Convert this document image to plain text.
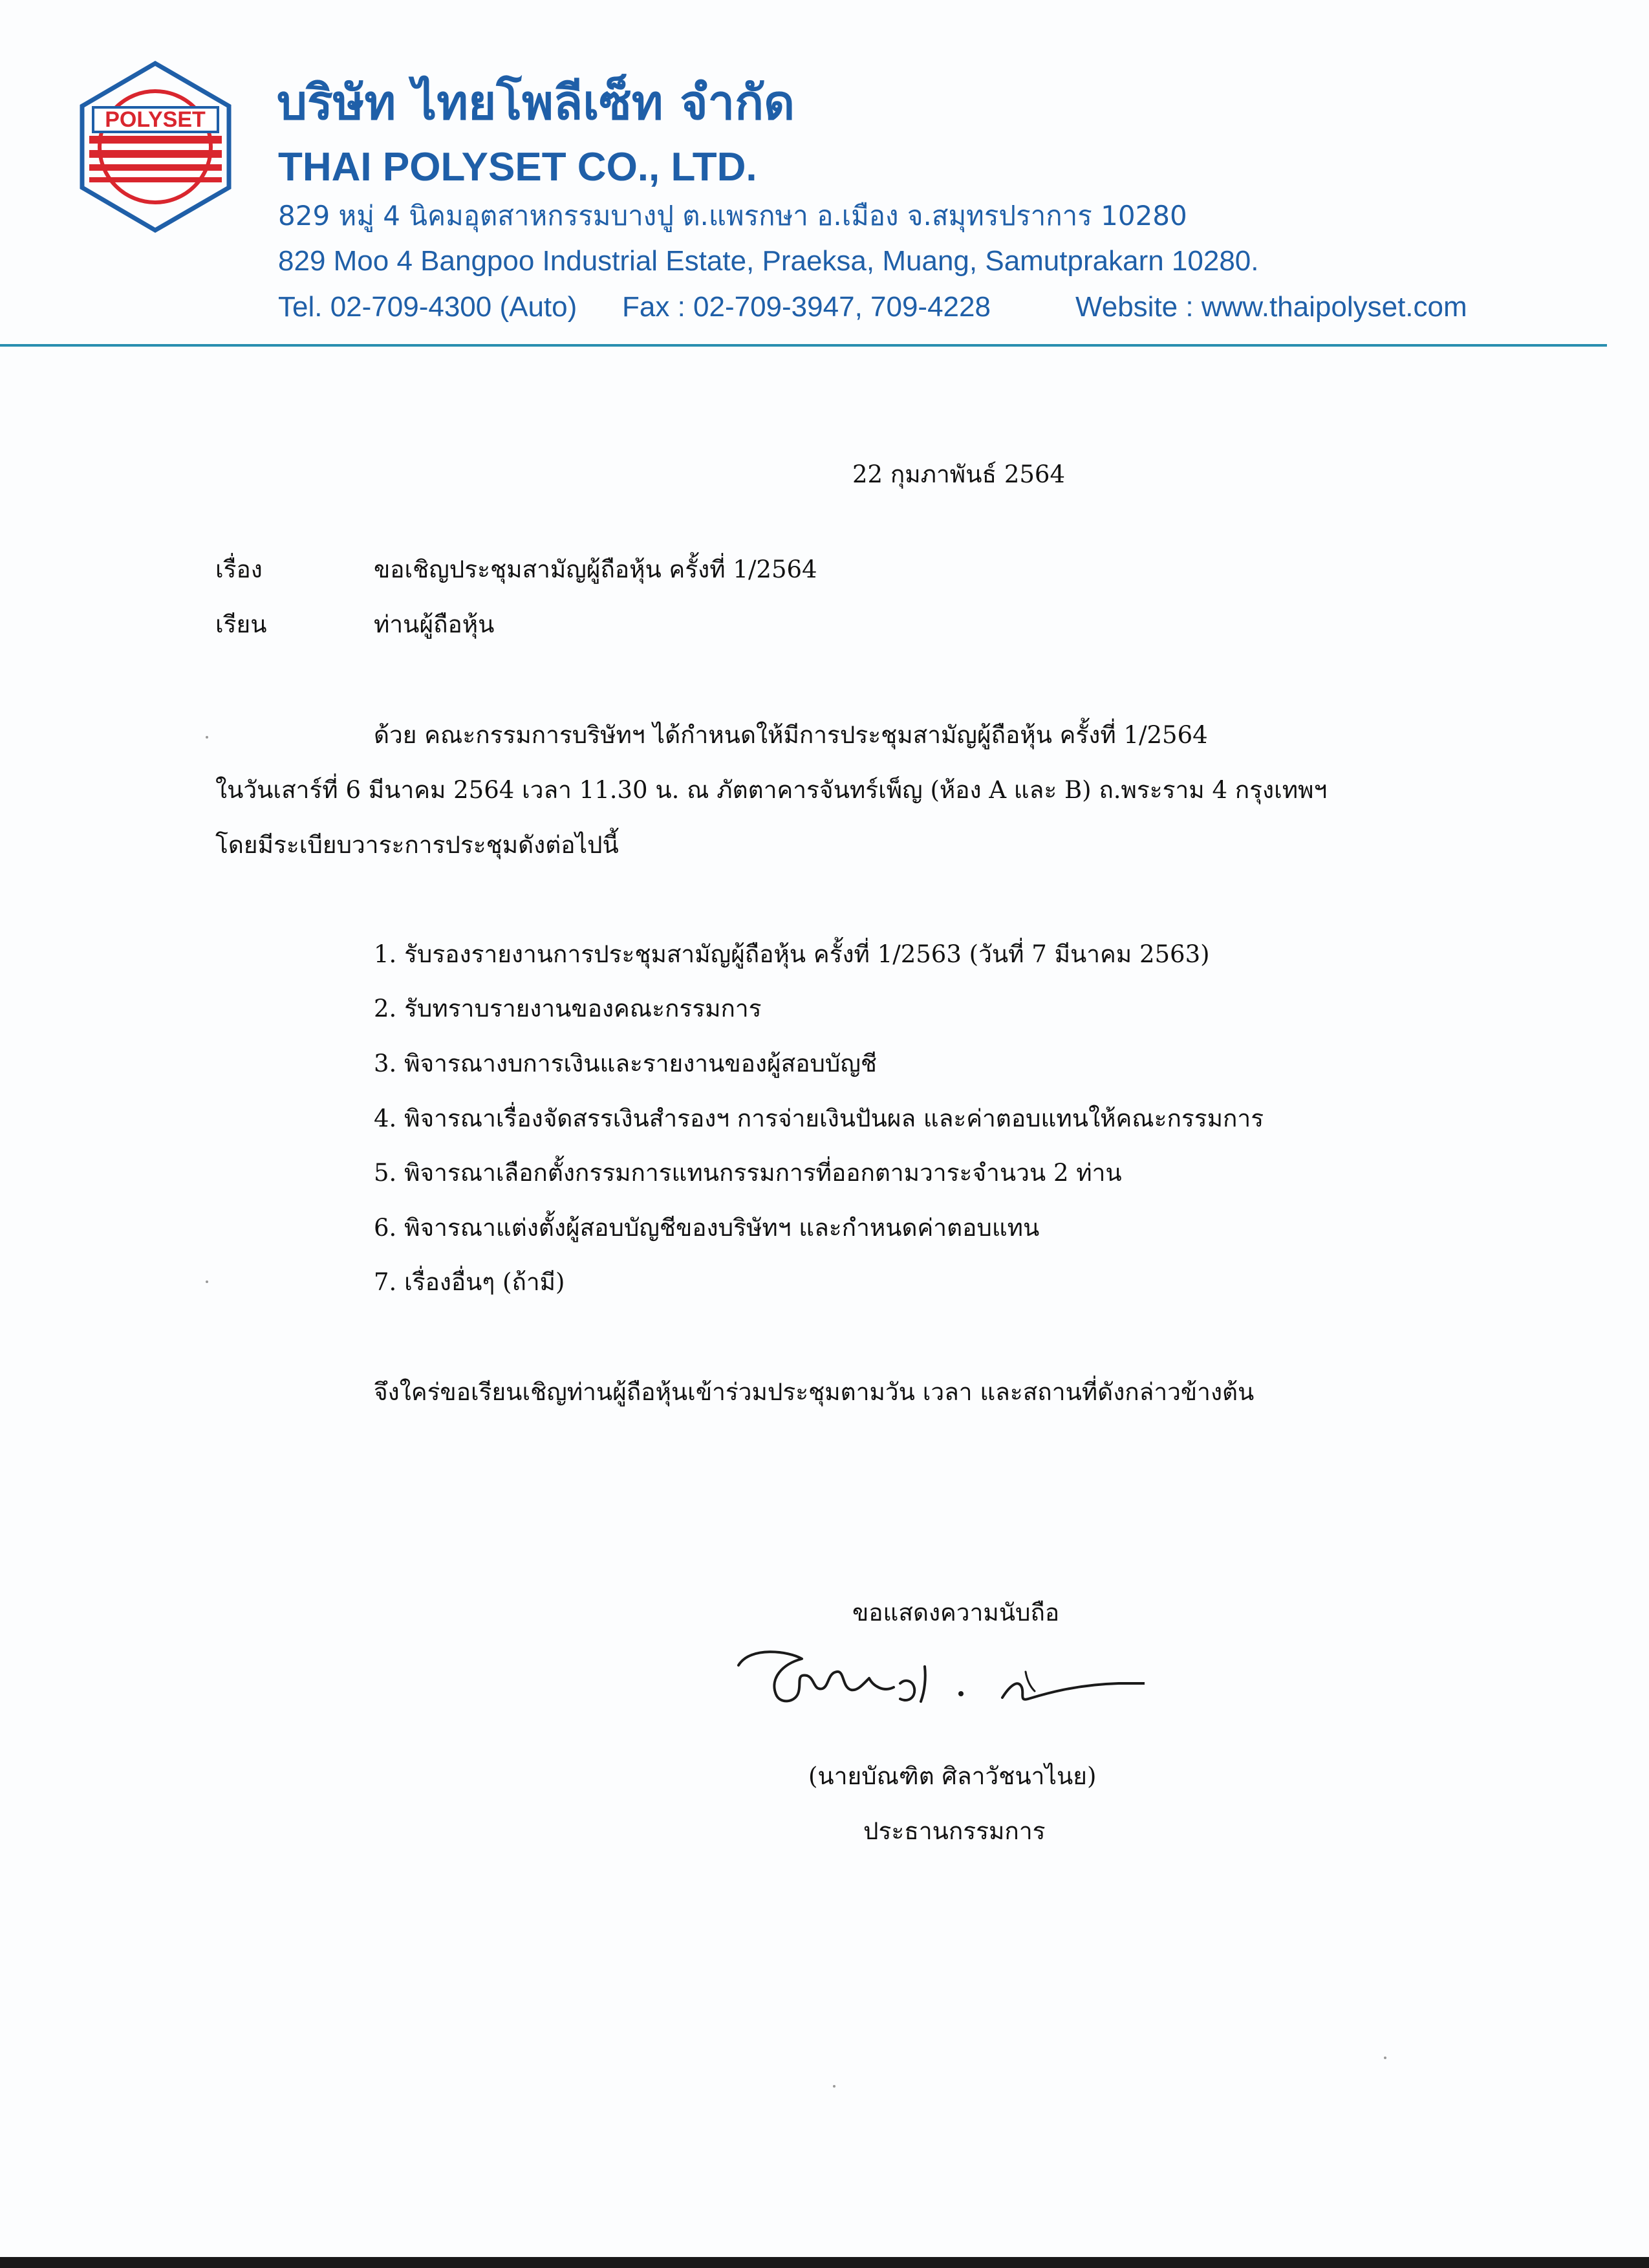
POLYSET บริษัท ไทยโพลีเซ็ท จำกัด
THAI POLYSET CO., LTD.
829 หมู่ 4 นิคมอุตสาหกรรมบางปู ต.แพรกษา อ.เมือง จ.สมุทรปราการ 10280
829 Moo 4 Bangpoo Industrial Estate, Praeksa, Muang, Samutprakarn 10280.
Tel. 02-709-4300 (Auto) Fax : 02-709-3947, 709-4228	Website : www.thaipolyset.com
22 กุมภาพันธ์ 2564
เรื่อง	ขอเชิญประชุมสามัญผู้ถือหุ้น ครั้งที่ 1/2564
เรียน	ท่านผู้ถือหุ้น
ด้วย คณะกรรมการบริษัทฯ ได้กำหนดให้มีการประชุมสามัญผู้ถือหุ้น ครั้งที่ 1/2564
ในวันเสาร์ที่ 6 มีนาคม 2564 เวลา 11.30 น. ณ ภัตตาคารจันทร์เพ็ญ (ห้อง A และ B) ถ.พระราม 4 กรุงเทพฯ
โดยมีระเบียบวาระการประชุมดังต่อไปนี้
1. รับรองรายงานการประชุมสามัญผู้ถือหุ้น ครั้งที่ 1/2563 (วันที่ 7 มีนาคม 2563)
2. รับทราบรายงานของคณะกรรมการ
3. พิจารณางบการเงินและรายงานของผู้สอบบัญชี
4. พิจารณาเรื่องจัดสรรเงินสำรองฯ การจ่ายเงินปันผล และค่าตอบแทนให้คณะกรรมการ
5. พิจารณาเลือกตั้งกรรมการแทนกรรมการที่ออกตามวาระจำนวน 2 ท่าน
6. พิจารณาแต่งตั้งผู้สอบบัญชีของบริษัทฯ และกำหนดค่าตอบแทน
7. เรื่องอื่นๆ (ถ้ามี)
จึงใคร่ขอเรียนเชิญท่านผู้ถือหุ้นเข้าร่วมประชุมตามวัน เวลา และสถานที่ดังกล่าวข้างต้น
ขอแสดงความนับถือ
(นายบัณฑิต ศิลาวัชนาไนย)
ประธานกรรมการ
